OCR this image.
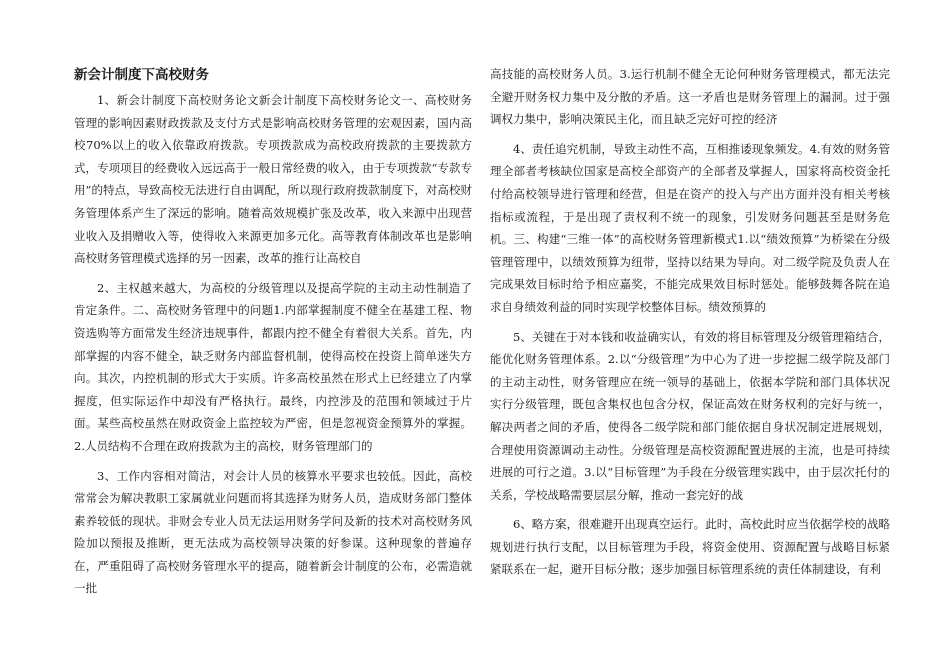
新会计制度下高校财务

1、新会计制度下高校财务论文新会计制度下高校财务论文一、高校财务管理的影响因素财政拨款及支付方式是影响高校财务管理的宏观因素，国内高校70%以上的收入依靠政府拨款。专项拨款成为高校政府拨款的主要拨款方式，专项项目的经费收入远远高于一般日常经费的收入，由于专项拨款“专款专用”的特点，导致高校无法进行自由调配，所以现行政府拨款制度下，对高校财务管理体系产生了深远的影响。随着高效规模扩张及改革，收入来源中出现营业收入及捐赠收入等，使得收入来源更加多元化。高等教育体制改革也是影响高校财务管理模式选择的另一因素，改革的推行让高校自

2、主权越来越大，为高校的分级管理以及提高学院的主动主动性制造了肯定条件。二、高校财务管理中的问题1.内部掌握制度不健全在基建工程、物资选购等方面常发生经济违规事件，都跟内控不健全有着很大关系。首先，内部掌握的内容不健全，缺乏财务内部监督机制，使得高校在投资上简单迷失方向。其次，内控机制的形式大于实质。许多高校虽然在形式上已经建立了内掌握度，但实际运作中却没有严格执行。最终，内控涉及的范围和领域过于片面。某些高校虽然在财政资金上监控较为严密，但是忽视资金预算外的掌握。2.人员结构不合理在政府拨款为主的高校，财务管理部门的

3、工作内容相对简洁，对会计人员的核算水平要求也较低。因此，高校常常会为解决教职工家属就业问题而将其选择为财务人员，造成财务部门整体素养较低的现状。非财会专业人员无法运用财务学问及新的技术对高校财务风险加以预报及推断，更无法成为高校领导决策的好参谋。这种现象的普遍存在，严重阻碍了高校财务管理水平的提高，随着新会计制度的公布，必需造就一批

高技能的高校财务人员。3.运行机制不健全无论何种财务管理模式，都无法完全避开财务权力集中及分散的矛盾。这一矛盾也是财务管理上的漏洞。过于强调权力集中，影响决策民主化，而且缺乏完好可控的经济

4、责任追究机制，导致主动性不高，互相推诿现象频发。4.有效的财务管理全部者考核缺位国家是高校全部资产的全部者及掌握人，国家将高校资金托付给高校领导进行管理和经营，但是在资产的投入与产出方面并没有相关考核指标或流程，于是出现了责权利不统一的现象，引发财务问题甚至是财务危机。三、构建“三维一体”的高校财务管理新模式1.以“绩效预算”为桥梁在分级管理管理中，以绩效预算为纽带，坚持以结果为导向。对二级学院及负责人在完成果效目标时给予相应嘉奖，不能完成果效目标时惩处。能够鼓舞各院在追求自身绩效利益的同时实现学校整体目标。绩效预算的

5、关键在于对本钱和收益确实认，有效的将目标管理及分级管理箱结合，能优化财务管理体系。2.以“分级管理”为中心为了进一步挖掘二级学院及部门的主动主动性，财务管理应在统一领导的基础上，依据本学院和部门具体状况实行分级管理，既包含集权也包含分权，保证高效在财务权利的完好与统一，解决两者之间的矛盾，使得各二级学院和部门能依据自身状况制定进展规划，合理使用资源调动主动性。分级管理是高校资源配置进展的主流，也是可持续进展的可行之道。3.以“目标管理”为手段在分级管理实践中，由于层次托付的关系，学校战略需要层层分解，推动一套完好的战

6、略方案，很难避开出现真空运行。此时，高校此时应当依据学校的战略规划进行执行支配，以目标管理为手段，将资金使用、资源配置与战略目标紧紧联系在一起，避开目标分散；逐步加强目标管理系统的责任体制建设，有利
